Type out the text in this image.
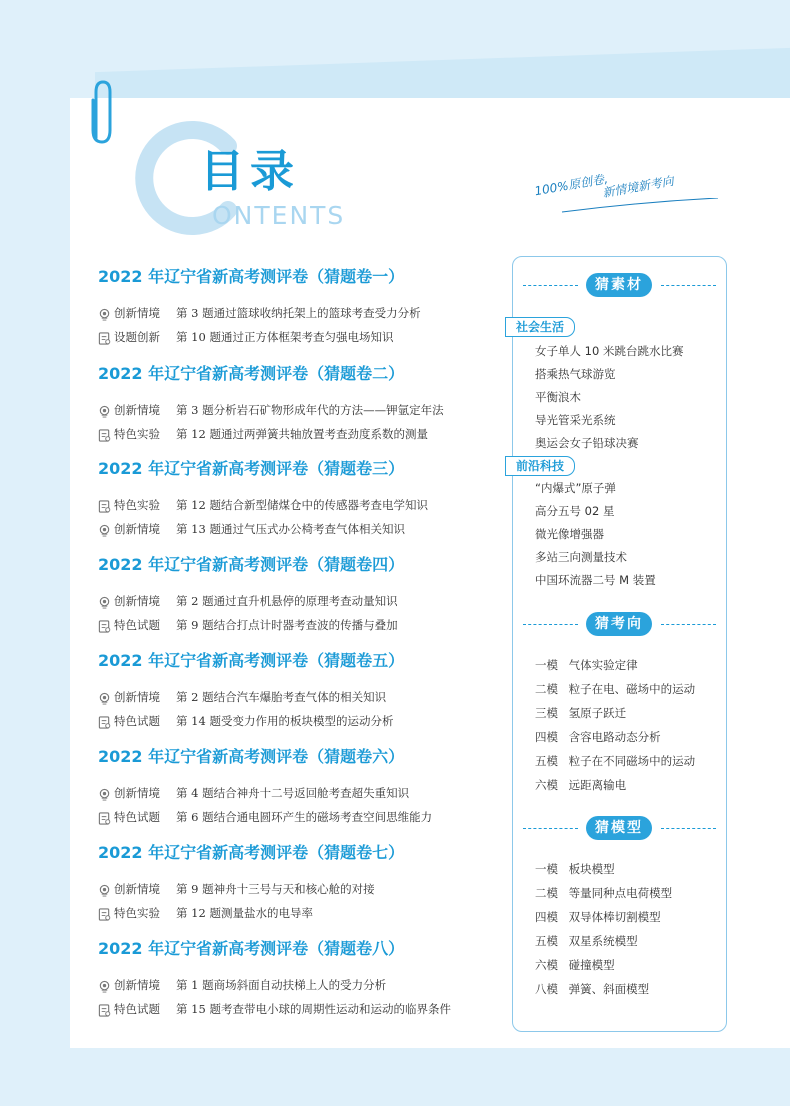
目录
ONTENTS
100%原创卷,
新情境新考向
2022 年辽宁省新高考测评卷（猜题卷一）
创新情境 第 3 题通过篮球收纳托架上的篮球考查受力分析
设题创新 第 10 题通过正方体框架考查匀强电场知识
2022 年辽宁省新高考测评卷（猜题卷二）
创新情境 第 3 题分析岩石矿物形成年代的方法——钾氩定年法
特色实验 第 12 题通过两弹簧共轴放置考查劲度系数的测量
2022 年辽宁省新高考测评卷（猜题卷三）
特色实验 第 12 题结合新型储煤仓中的传感器考查电学知识
创新情境 第 13 题通过气压式办公椅考查气体相关知识
2022 年辽宁省新高考测评卷（猜题卷四）
创新情境 第 2 题通过直升机悬停的原理考查动量知识
特色试题 第 9 题结合打点计时器考查波的传播与叠加
2022 年辽宁省新高考测评卷（猜题卷五）
创新情境 第 2 题结合汽车爆胎考查气体的相关知识
特色试题 第 14 题受变力作用的板块模型的运动分析
2022 年辽宁省新高考测评卷（猜题卷六）
创新情境 第 4 题结合神舟十二号返回舱考查超失重知识
特色试题 第 6 题结合通电圆环产生的磁场考查空间思维能力
2022 年辽宁省新高考测评卷（猜题卷七）
创新情境 第 9 题神舟十三号与天和核心舱的对接
特色实验 第 12 题测量盐水的电导率
2022 年辽宁省新高考测评卷（猜题卷八）
创新情境 第 1 题商场斜面自动扶梯上人的受力分析
特色试题 第 15 题考查带电小球的周期性运动和运动的临界条件
猜素材
社会生活
女子单人 10 米跳台跳水比赛
搭乘热气球游览
平衡浪木
导光管采光系统
奥运会女子铅球决赛
前沿科技
“内爆式”原子弹
高分五号 02 星
微光像增强器
多站三向测量技术
中国环流器二号 M 装置
猜考向
一模 气体实验定律
二模 粒子在电、磁场中的运动
三模 氢原子跃迁
四模 含容电路动态分析
五模 粒子在不同磁场中的运动
六模 远距离输电
猜模型
一模 板块模型
二模 等量同种点电荷模型
四模 双导体棒切割模型
五模 双星系统模型
六模 碰撞模型
八模 弹簧、斜面模型
